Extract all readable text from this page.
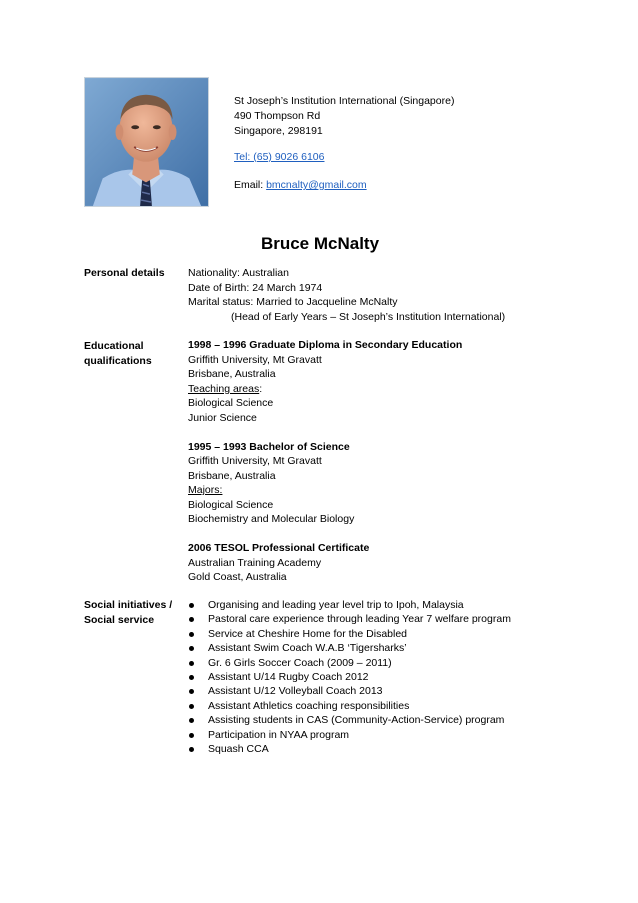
St Joseph’s Institution International (Singapore)
490 Thompson Rd
Singapore, 298191
Tel: (65) 9026 6106
Email: bmcnalty@gmail.com
Bruce McNalty
Personal details Nationality: Australian
Date of Birth: 24 March 1974
Marital status: Married to Jacqueline McNalty
(Head of Early Years – St Joseph’s Institution International)
Educational
qualifications
1998 – 1996 Graduate Diploma in Secondary Education
Griffith University, Mt Gravatt
Brisbane, Australia
Teaching areas:
Biological Science
Junior Science
1995 – 1993 Bachelor of Science
Griffith University, Mt Gravatt
Brisbane, Australia
Majors:
Biological Science
Biochemistry and Molecular Biology
2006 TESOL Professional Certificate
Australian Training Academy
Gold Coast, Australia
Social initiatives /
Social service
Organising and leading year level trip to Ipoh, Malaysia
Pastoral care experience through leading Year 7 welfare program
Service at Cheshire Home for the Disabled
Assistant Swim Coach W.A.B ‘Tigersharks’
Gr. 6 Girls Soccer Coach (2009 – 2011)
Assistant U/14 Rugby Coach 2012
Assistant U/12 Volleyball Coach 2013
Assistant Athletics coaching responsibilities
Assisting students in CAS (Community-Action-Service) program
Participation in NYAA program
Squash CCA
